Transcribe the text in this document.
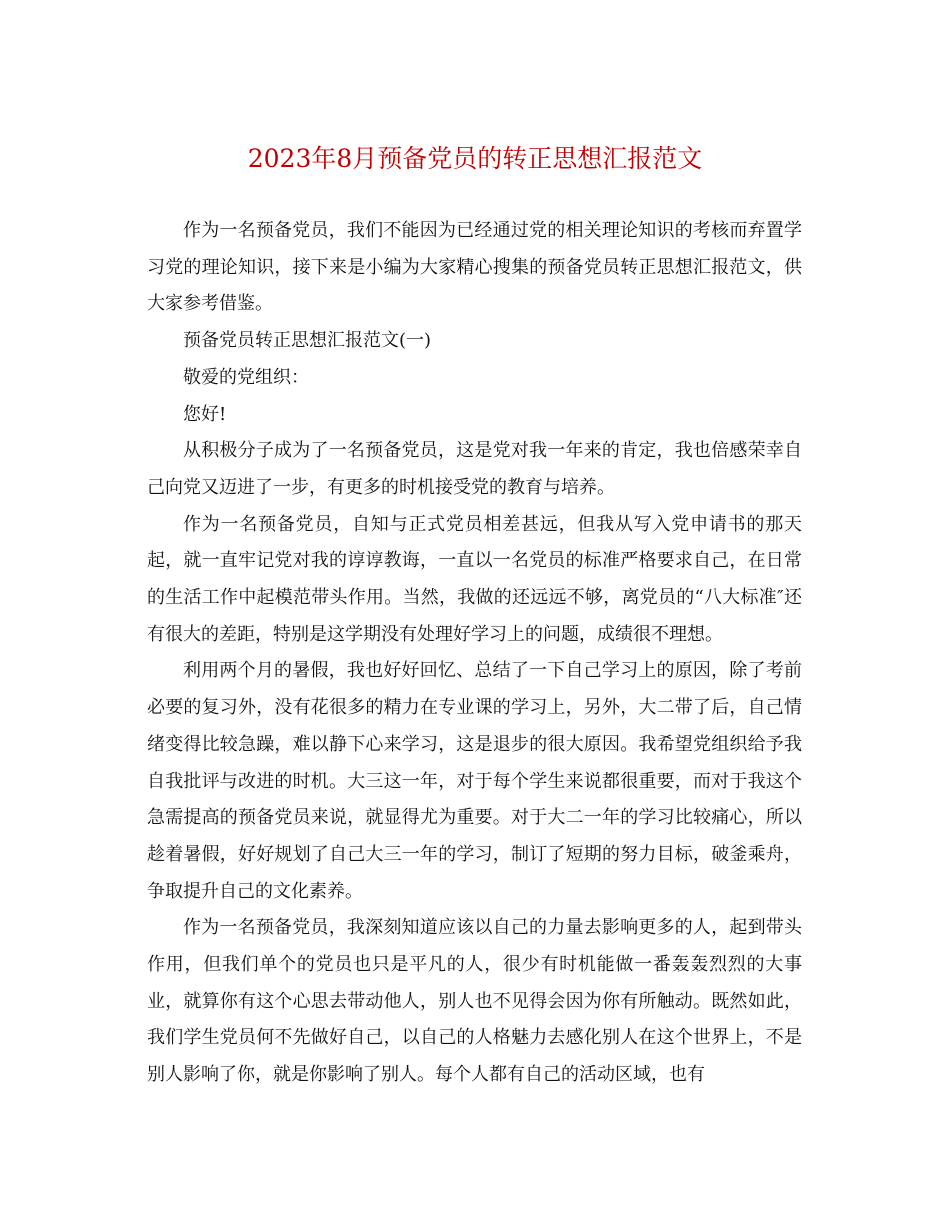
2023年8月预备党员的转正思想汇报范文

作为一名预备党员，我们不能因为已经通过党的相关理论知识的考核而弃置学习党的理论知识，接下来是小编为大家精心搜集的预备党员转正思想汇报范文，供大家参考借鉴。

预备党员转正思想汇报范文(一)

敬爱的党组织：

您好!

从积极分子成为了一名预备党员，这是党对我一年来的肯定，我也倍感荣幸自己向党又迈进了一步，有更多的时机接受党的教育与培养。

作为一名预备党员，自知与正式党员相差甚远，但我从写入党申请书的那天起，就一直牢记党对我的谆谆教诲，一直以一名党员的标准严格要求自己，在日常的生活工作中起模范带头作用。当然，我做的还远远不够，离党员的“八大标准″还有很大的差距，特别是这学期没有处理好学习上的问题，成绩很不理想。

利用两个月的暑假，我也好好回忆、总结了一下自己学习上的原因，除了考前必要的复习外，没有花很多的精力在专业课的学习上，另外，大二带了后，自己情绪变得比较急躁，难以静下心来学习，这是退步的很大原因。我希望党组织给予我自我批评与改进的时机。大三这一年，对于每个学生来说都很重要，而对于我这个急需提高的预备党员来说，就显得尤为重要。对于大二一年的学习比较痛心，所以趁着暑假，好好规划了自己大三一年的学习，制订了短期的努力目标，破釜乘舟，争取提升自己的文化素养。

作为一名预备党员，我深刻知道应该以自己的力量去影响更多的人，起到带头作用，但我们单个的党员也只是平凡的人，很少有时机能做一番轰轰烈烈的大事业，就算你有这个心思去带动他人，别人也不见得会因为你有所触动。既然如此，我们学生党员何不先做好自己，以自己的人格魅力去感化别人在这个世界上，不是别人影响了你，就是你影响了别人。每个人都有自己的活动区域，也有
